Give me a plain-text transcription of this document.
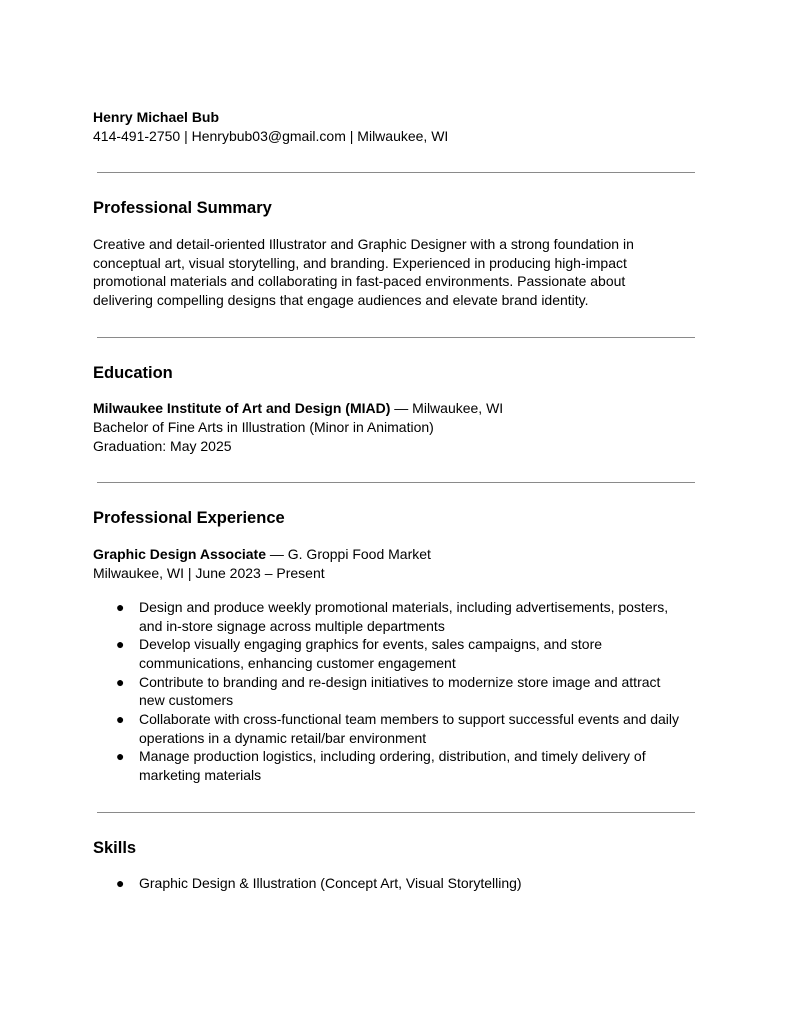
Henry Michael Bub

414-491-2750 | Henrybub03@gmail.com | Milwaukee, WI

Professional Summary

Creative and detail-oriented Illustrator and Graphic Designer with a strong foundation in

conceptual art, visual storytelling, and branding. Experienced in producing high-impact

promotional materials and collaborating in fast-paced environments. Passionate about

delivering compelling designs that engage audiences and elevate brand identity.

Education

Milwaukee Institute of Art and Design (MIAD) — Milwaukee, WI

Bachelor of Fine Arts in Illustration (Minor in Animation)

Graduation: May 2025

Professional Experience

Graphic Design Associate — G. Groppi Food Market

Milwaukee, WI | June 2023 – Present

● Design and produce weekly promotional materials, including advertisements, posters,
and in-store signage across multiple departments
● Develop visually engaging graphics for events, sales campaigns, and store
communications, enhancing customer engagement
● Contribute to branding and re-design initiatives to modernize store image and attract
new customers
● Collaborate with cross-functional team members to support successful events and daily
operations in a dynamic retail/bar environment
● Manage production logistics, including ordering, distribution, and timely delivery of
marketing materials

Skills

● Graphic Design & Illustration (Concept Art, Visual Storytelling)
